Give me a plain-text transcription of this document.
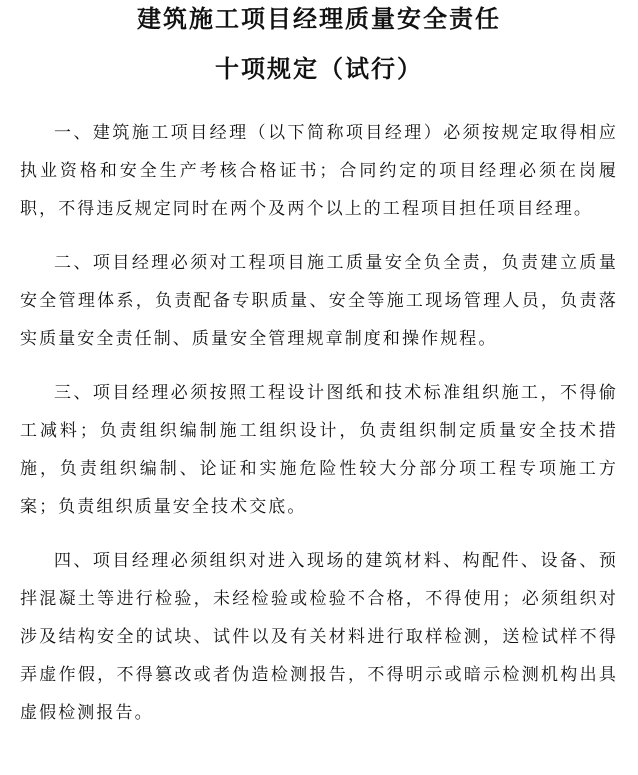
建筑施工项目经理质量安全责任
十项规定（试行）

一、建筑施工项目经理（以下简称项目经理）必须按规定取得相应执业资格和安全生产考核合格证书；合同约定的项目经理必须在岗履职，不得违反规定同时在两个及两个以上的工程项目担任项目经理。

二、项目经理必须对工程项目施工质量安全负全责，负责建立质量安全管理体系，负责配备专职质量、安全等施工现场管理人员，负责落实质量安全责任制、质量安全管理规章制度和操作规程。

三、项目经理必须按照工程设计图纸和技术标准组织施工，不得偷工减料；负责组织编制施工组织设计，负责组织制定质量安全技术措施，负责组织编制、论证和实施危险性较大分部分项工程专项施工方案；负责组织质量安全技术交底。

四、项目经理必须组织对进入现场的建筑材料、构配件、设备、预拌混凝土等进行检验，未经检验或检验不合格，不得使用；必须组织对涉及结构安全的试块、试件以及有关材料进行取样检测，送检试样不得弄虚作假，不得篡改或者伪造检测报告，不得明示或暗示检测机构出具虚假检测报告。
